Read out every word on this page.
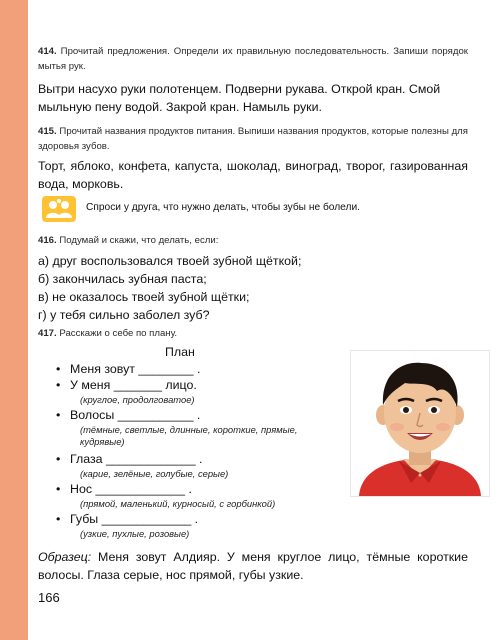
414. Прочитай предложения. Определи их правильную последовательность. Запиши порядок мытья рук.
Вытри насухо руки полотенцем. Подверни рукава. Открой кран. Смой мыльную пену водой. Закрой кран. Намыль руки.
415. Прочитай названия продуктов питания. Выпиши названия продуктов, которые полезны для здоровья зубов.
Торт, яблоко, конфета, капуста, шоколад, виноград, творог, газированная вода, морковь.
Спроси у друга, что нужно делать, чтобы зубы не болели.
416. Подумай и скажи, что делать, если:
а) друг воспользовался твоей зубной щёткой;
б) закончилась зубная паста;
в) не оказалось твоей зубной щётки;
г) у тебя сильно заболел зуб?
417. Расскажи о себе по плану.
План
• Меня зовут ________ .
• У меня _______ лицо.
(круглое, продолговатое)
• Волосы ___________ .
(тёмные, светлые, длинные, короткие, прямые, кудрявые)
• Глаза _____________ .
(карие, зелёные, голубые, серые)
• Нос _____________ .
(прямой, маленький, курносый, с горбинкой)
• Губы _____________ .
(узкие, пухлые, розовые)
Образец: Меня зовут Алдияр. У меня круглое лицо, тёмные короткие волосы. Глаза серые, нос прямой, губы узкие.
166
